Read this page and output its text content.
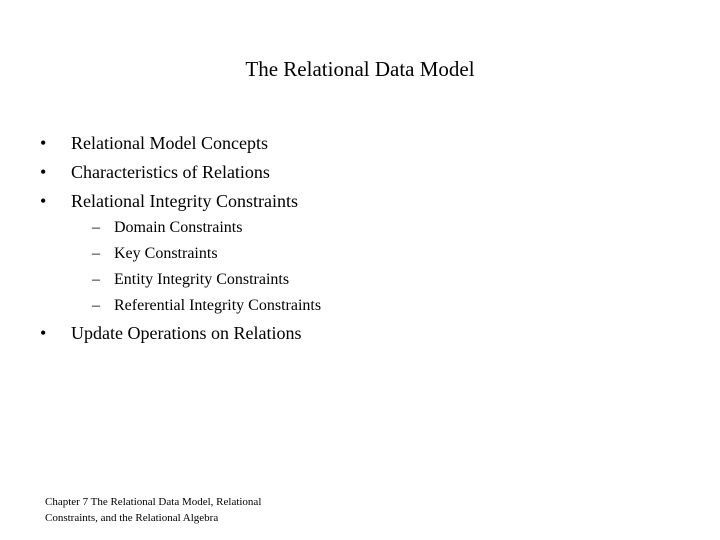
The Relational Data Model
• Relational Model Concepts
• Characteristics of Relations
• Relational Integrity Constraints
– Domain Constraints
– Key Constraints
– Entity Integrity Constraints
– Referential Integrity Constraints
• Update Operations on Relations
Chapter 7 The Relational Data Model, Relational
Constraints, and the Relational Algebra
